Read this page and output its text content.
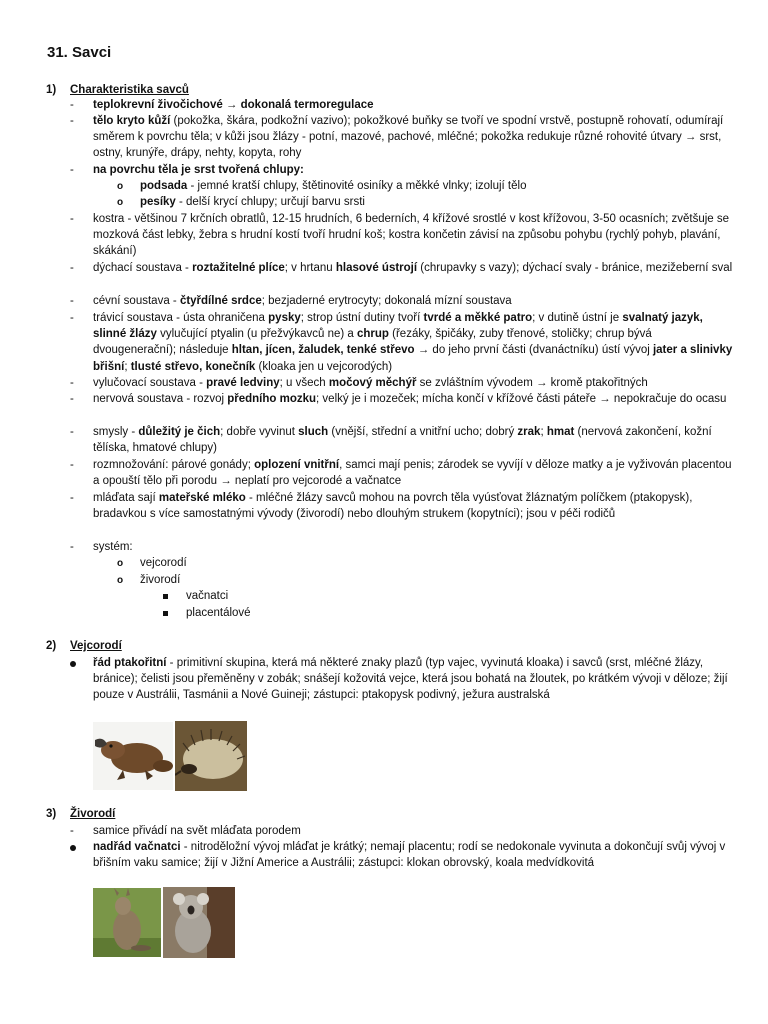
31. Savci
1) Charakteristika savců
- teplokrevní živočichové → dokonalá termoregulace
- tělo kryto kůží (pokožka, škára, podkožní vazivo); pokožkové buňky se tvoří ve spodní vrstvě, postupně rohovatí, odumírají směrem k povrchu těla; v kůži jsou žlázy - potní, mazové, pachové, mléčné; pokožka redukuje různé rohovité útvary → srst, ostny, krunýře, drápy, nehty, kopyta, rohy
- na povrchu těla je srst tvořená chlupy:
o podsada - jemné kratší chlupy, štětinovité osiníky a měkké vlnky; izolují tělo
o pesíky - delší krycí chlupy; určují barvu srsti
- kostra - většinou 7 krčních obratlů, 12-15 hrudních, 6 bederních, 4 křížové srostlé v kost křížovou, 3-50 ocasních; zvětšuje se mozková část lebky, žebra s hrudní kostí tvoří hrudní koš; kostra končetin závisí na způsobu pohybu (rychlý pohyb, plavání, skákání)
- dýchací soustava - roztažitelné plíce; v hrtanu hlasové ústrojí (chrupavky s vazy); dýchací svaly - bránice, mezižeberní sval
- cévní soustava - čtyřdílné srdce; bezjaderné erytrocyty; dokonalá mízní soustava
- trávicí soustava - ústa ohraničena pysky; strop ústní dutiny tvoří tvrdé a měkké patro; v dutině ústní je svalnatý jazyk, slinné žlázy vylučující ptyalin (u přežvýkavců ne) a chrup (řezáky, špičáky, zuby třenové, stoličky; chrup bývá dvougenerační); následuje hltan, jícen, žaludek, tenké střevo → do jeho první části (dvanáctníku) ústí vývoj jater a slinivky břišní; tlusté střevo, konečník (kloaka jen u vejcorodých)
- vylučovací soustava - pravé ledviny; u všech močový měchýř se zvláštním vývodem → kromě ptakořitných
- nervová soustava - rozvoj předního mozku; velký je i mozeček; mícha končí v křížové části páteře → nepokračuje do ocasu
- smysly - důležitý je čich; dobře vyvinut sluch (vnější, střední a vnitřní ucho; dobrý zrak; hmat (nervová zakončení, kožní tělíska, hmatové chlupy)
- rozmnožování: párové gonády; oplození vnitřní, samci mají penis; zárodek se vyvíjí v děloze matky a je vyživován placentou a opouští tělo při porodu → neplatí pro vejcorodé a vačnatce
- mláďata sají mateřské mléko - mléčné žlázy savců mohou na povrch těla vyúsťovat žláznatým políčkem (ptakopysk), bradavkou s více samostatnými vývody (živorodí) nebo dlouhým strukem (kopytníci); jsou v péči rodičů
- systém:
o vejcorodí
o živorodí
vačnatci
placentálové
2) Vejcorodí
řád ptakořitní - primitivní skupina, která má některé znaky plazů (typ vajec, vyvinutá kloaka) i savců (srst, mléčné žlázy, bránice); čelisti jsou přeměněny v zobák; snášejí kožovitá vejce, která jsou bohatá na žloutek, po krátkém vývoji v děloze; žijí pouze v Austrálii, Tasmánii a Nové Guineji; zástupci: ptakopysk podivný, ježura australská
3) Živorodí
- samice přivádí na svět mláďata porodem
nadřád vačnatci - nitroděložní vývoj mláďat je krátký; nemají placentu; rodí se nedokonale vyvinuta a dokončují svůj vývoj v břišním vaku samice; žijí v Jižní Americe a Austrálii; zástupci: klokan obrovský, koala medvídkovitá
